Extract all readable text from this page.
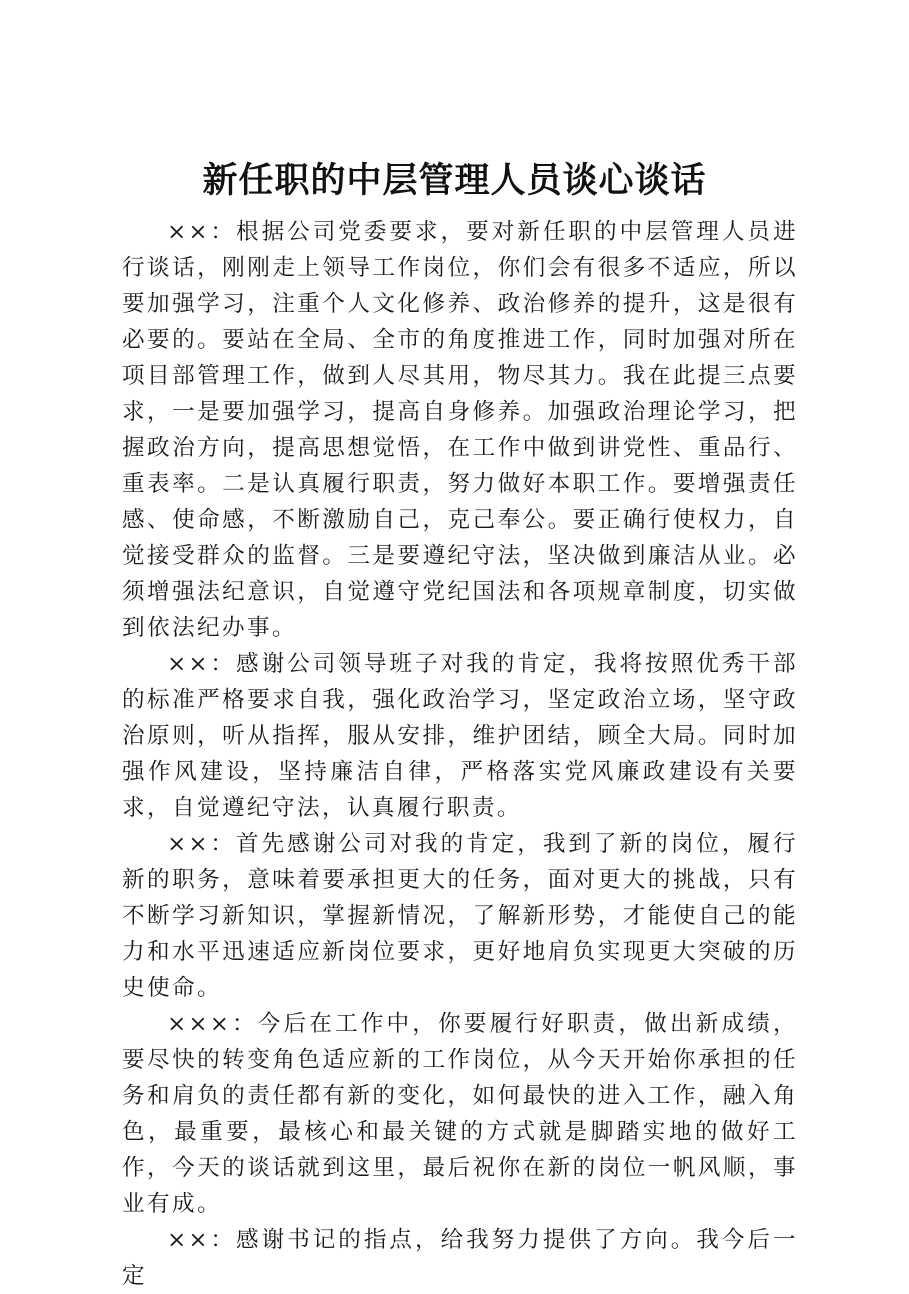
新任职的中层管理人员谈心谈话

××：根据公司党委要求，要对新任职的中层管理人员进行谈话，刚刚走上领导工作岗位，你们会有很多不适应，所以要加强学习，注重个人文化修养、政治修养的提升，这是很有必要的。要站在全局、全市的角度推进工作，同时加强对所在项目部管理工作，做到人尽其用，物尽其力。我在此提三点要求，一是要加强学习，提高自身修养。加强政治理论学习，把握政治方向，提高思想觉悟，在工作中做到讲党性、重品行、重表率。二是认真履行职责，努力做好本职工作。要增强责任感、使命感，不断激励自己，克己奉公。要正确行使权力，自觉接受群众的监督。三是要遵纪守法，坚决做到廉洁从业。必须增强法纪意识，自觉遵守党纪国法和各项规章制度，切实做到依法纪办事。

××：感谢公司领导班子对我的肯定，我将按照优秀干部的标准严格要求自我，强化政治学习，坚定政治立场，坚守政治原则，听从指挥，服从安排，维护团结，顾全大局。同时加强作风建设，坚持廉洁自律，严格落实党风廉政建设有关要求，自觉遵纪守法，认真履行职责。

××：首先感谢公司对我的肯定，我到了新的岗位，履行新的职务，意味着要承担更大的任务，面对更大的挑战，只有不断学习新知识，掌握新情况，了解新形势，才能使自己的能力和水平迅速适应新岗位要求，更好地肩负实现更大突破的历史使命。

×××：今后在工作中，你要履行好职责，做出新成绩，要尽快的转变角色适应新的工作岗位，从今天开始你承担的任务和肩负的责任都有新的变化，如何最快的进入工作，融入角色，最重要，最核心和最关键的方式就是脚踏实地的做好工作，今天的谈话就到这里，最后祝你在新的岗位一帆风顺，事业有成。

××：感谢书记的指点，给我努力提供了方向。我今后一定
